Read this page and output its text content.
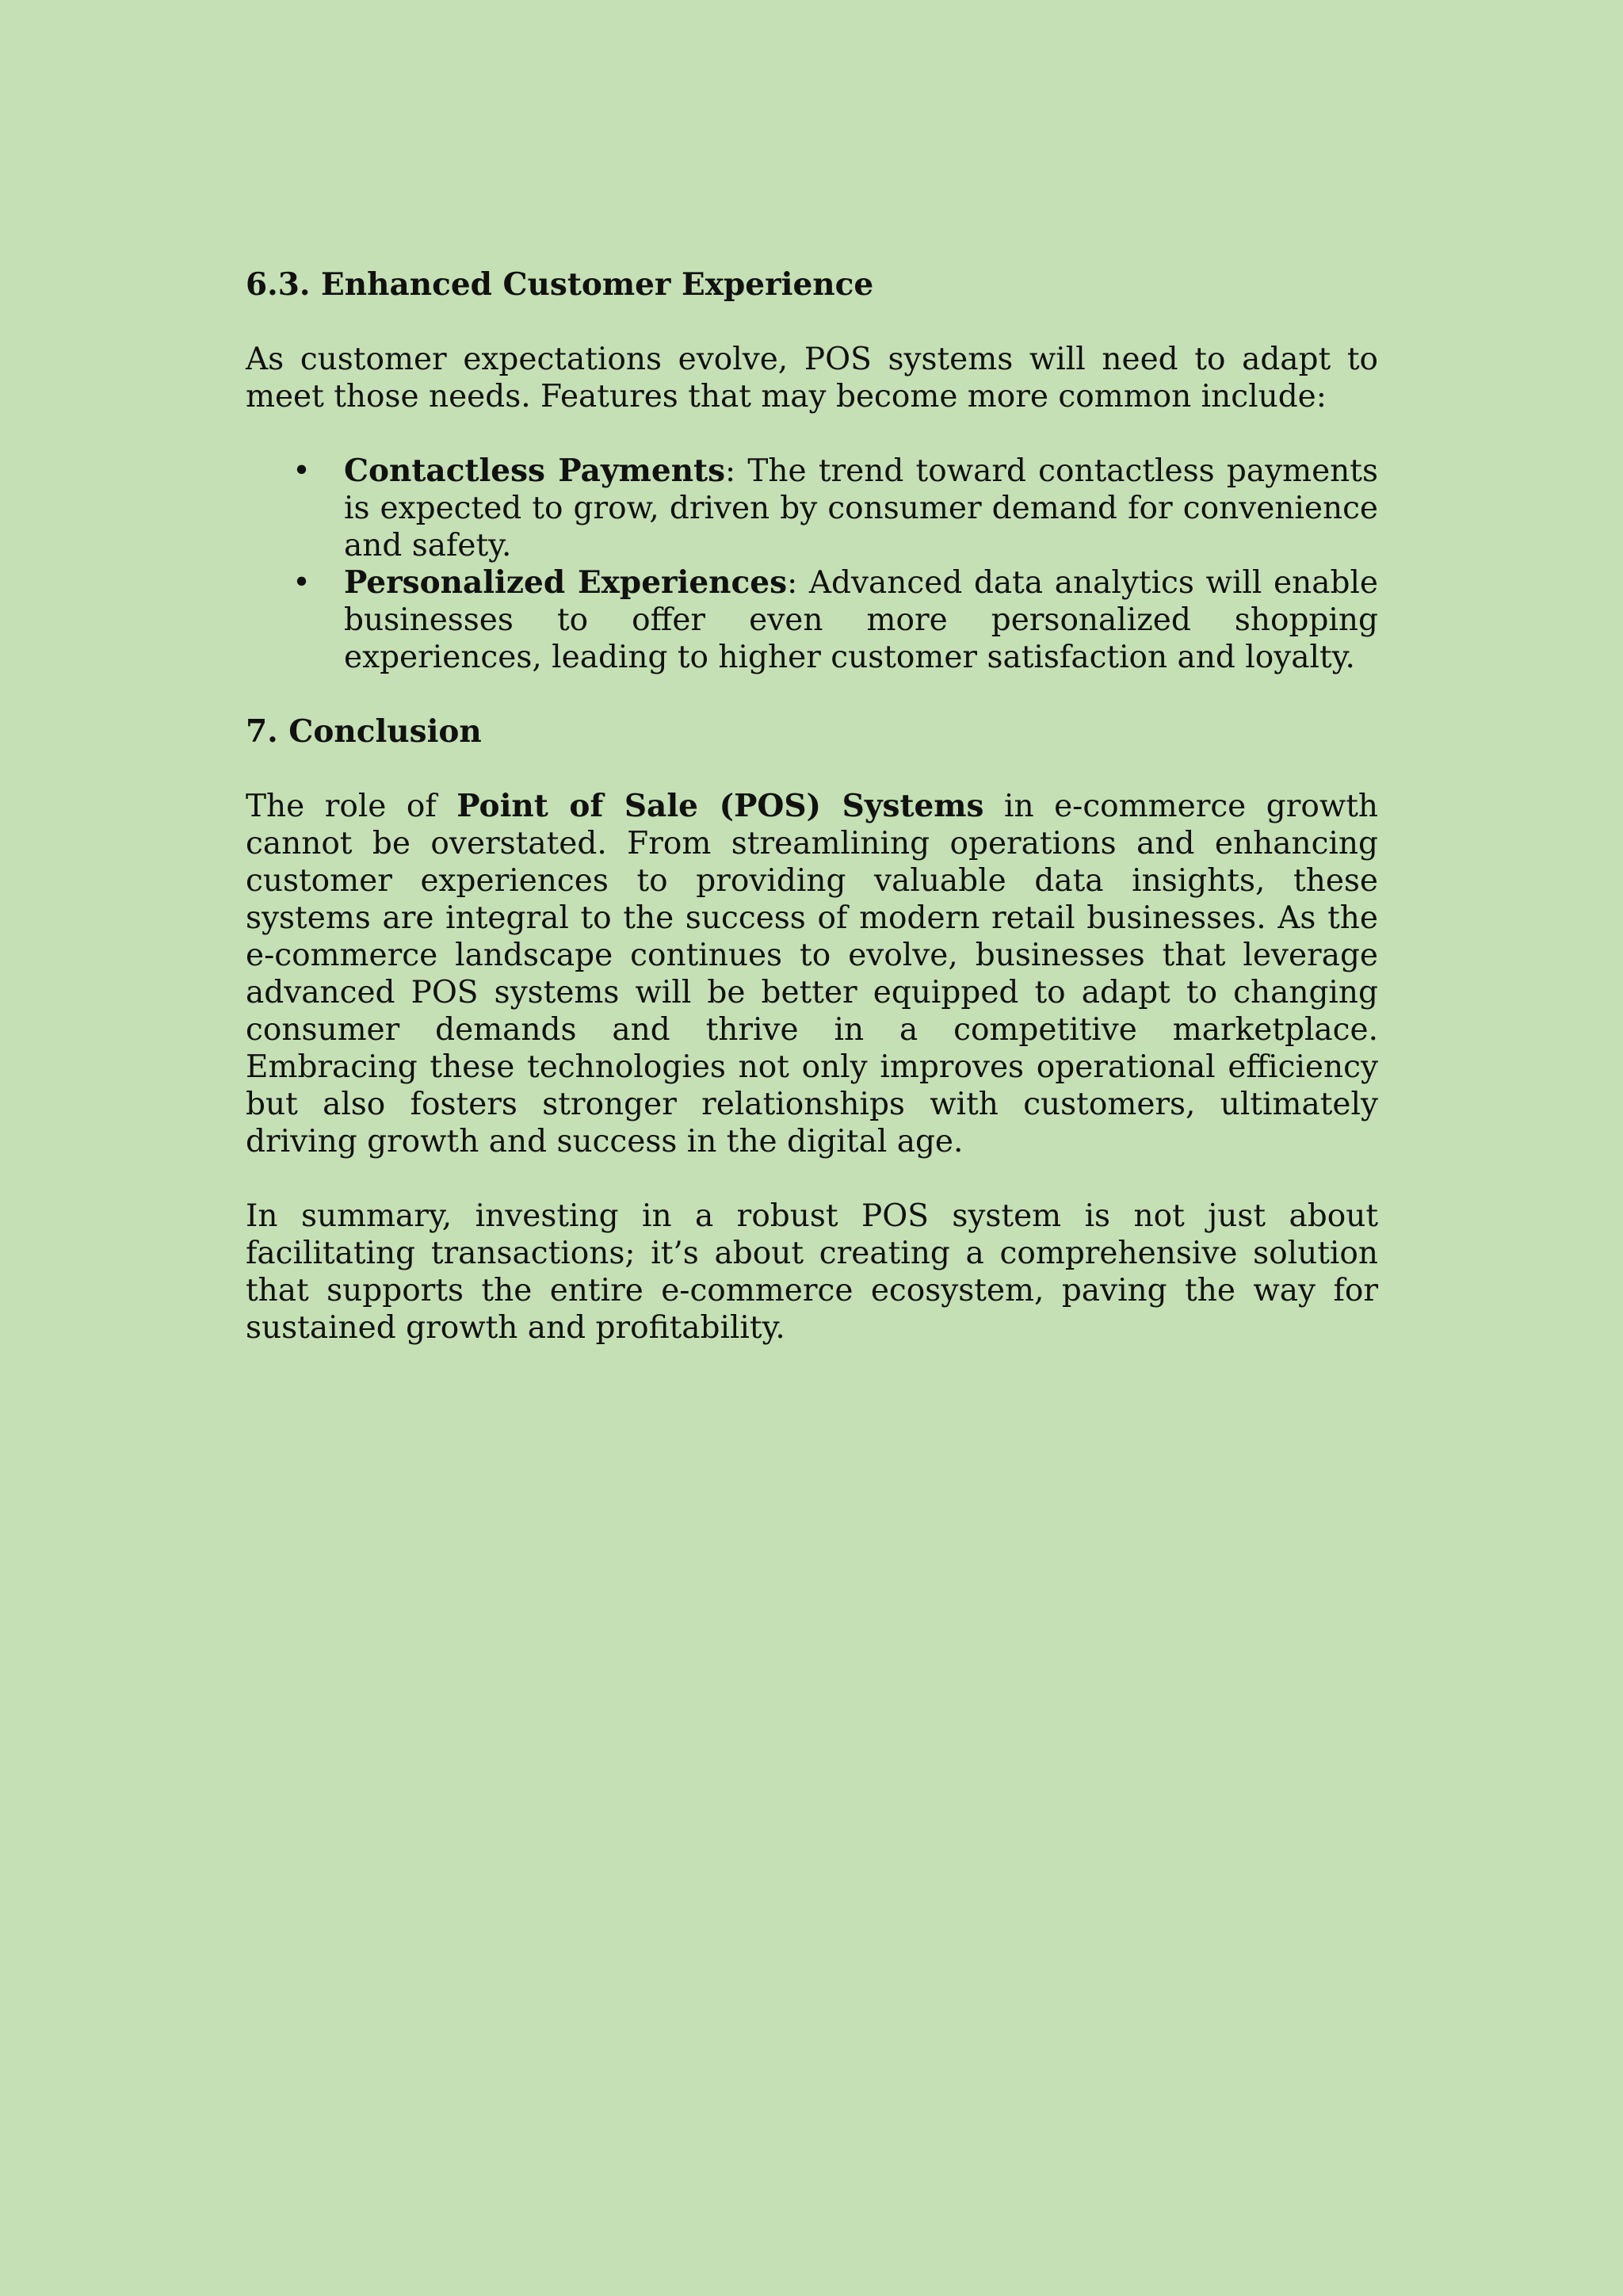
6.3. Enhanced Customer Experience

As customer expectations evolve, POS systems will need to adapt to meet those needs. Features that may become more common include:

• Contactless Payments: The trend toward contactless payments is expected to grow, driven by consumer demand for convenience and safety.
• Personalized Experiences: Advanced data analytics will enable businesses to offer even more personalized shopping experiences, leading to higher customer satisfaction and loyalty.
7. Conclusion

The role of Point of Sale (POS) Systems in e-commerce growth cannot be overstated. From streamlining operations and enhancing customer experiences to providing valuable data insights, these systems are integral to the success of modern retail businesses. As the e-commerce landscape continues to evolve, businesses that leverage advanced POS systems will be better equipped to adapt to changing consumer demands and thrive in a competitive marketplace. Embracing these technologies not only improves operational efficiency but also fosters stronger relationships with customers, ultimately driving growth and success in the digital age.

In summary, investing in a robust POS system is not just about facilitating transactions; it’s about creating a comprehensive solution that supports the entire e-commerce ecosystem, paving the way for sustained growth and profitability.
